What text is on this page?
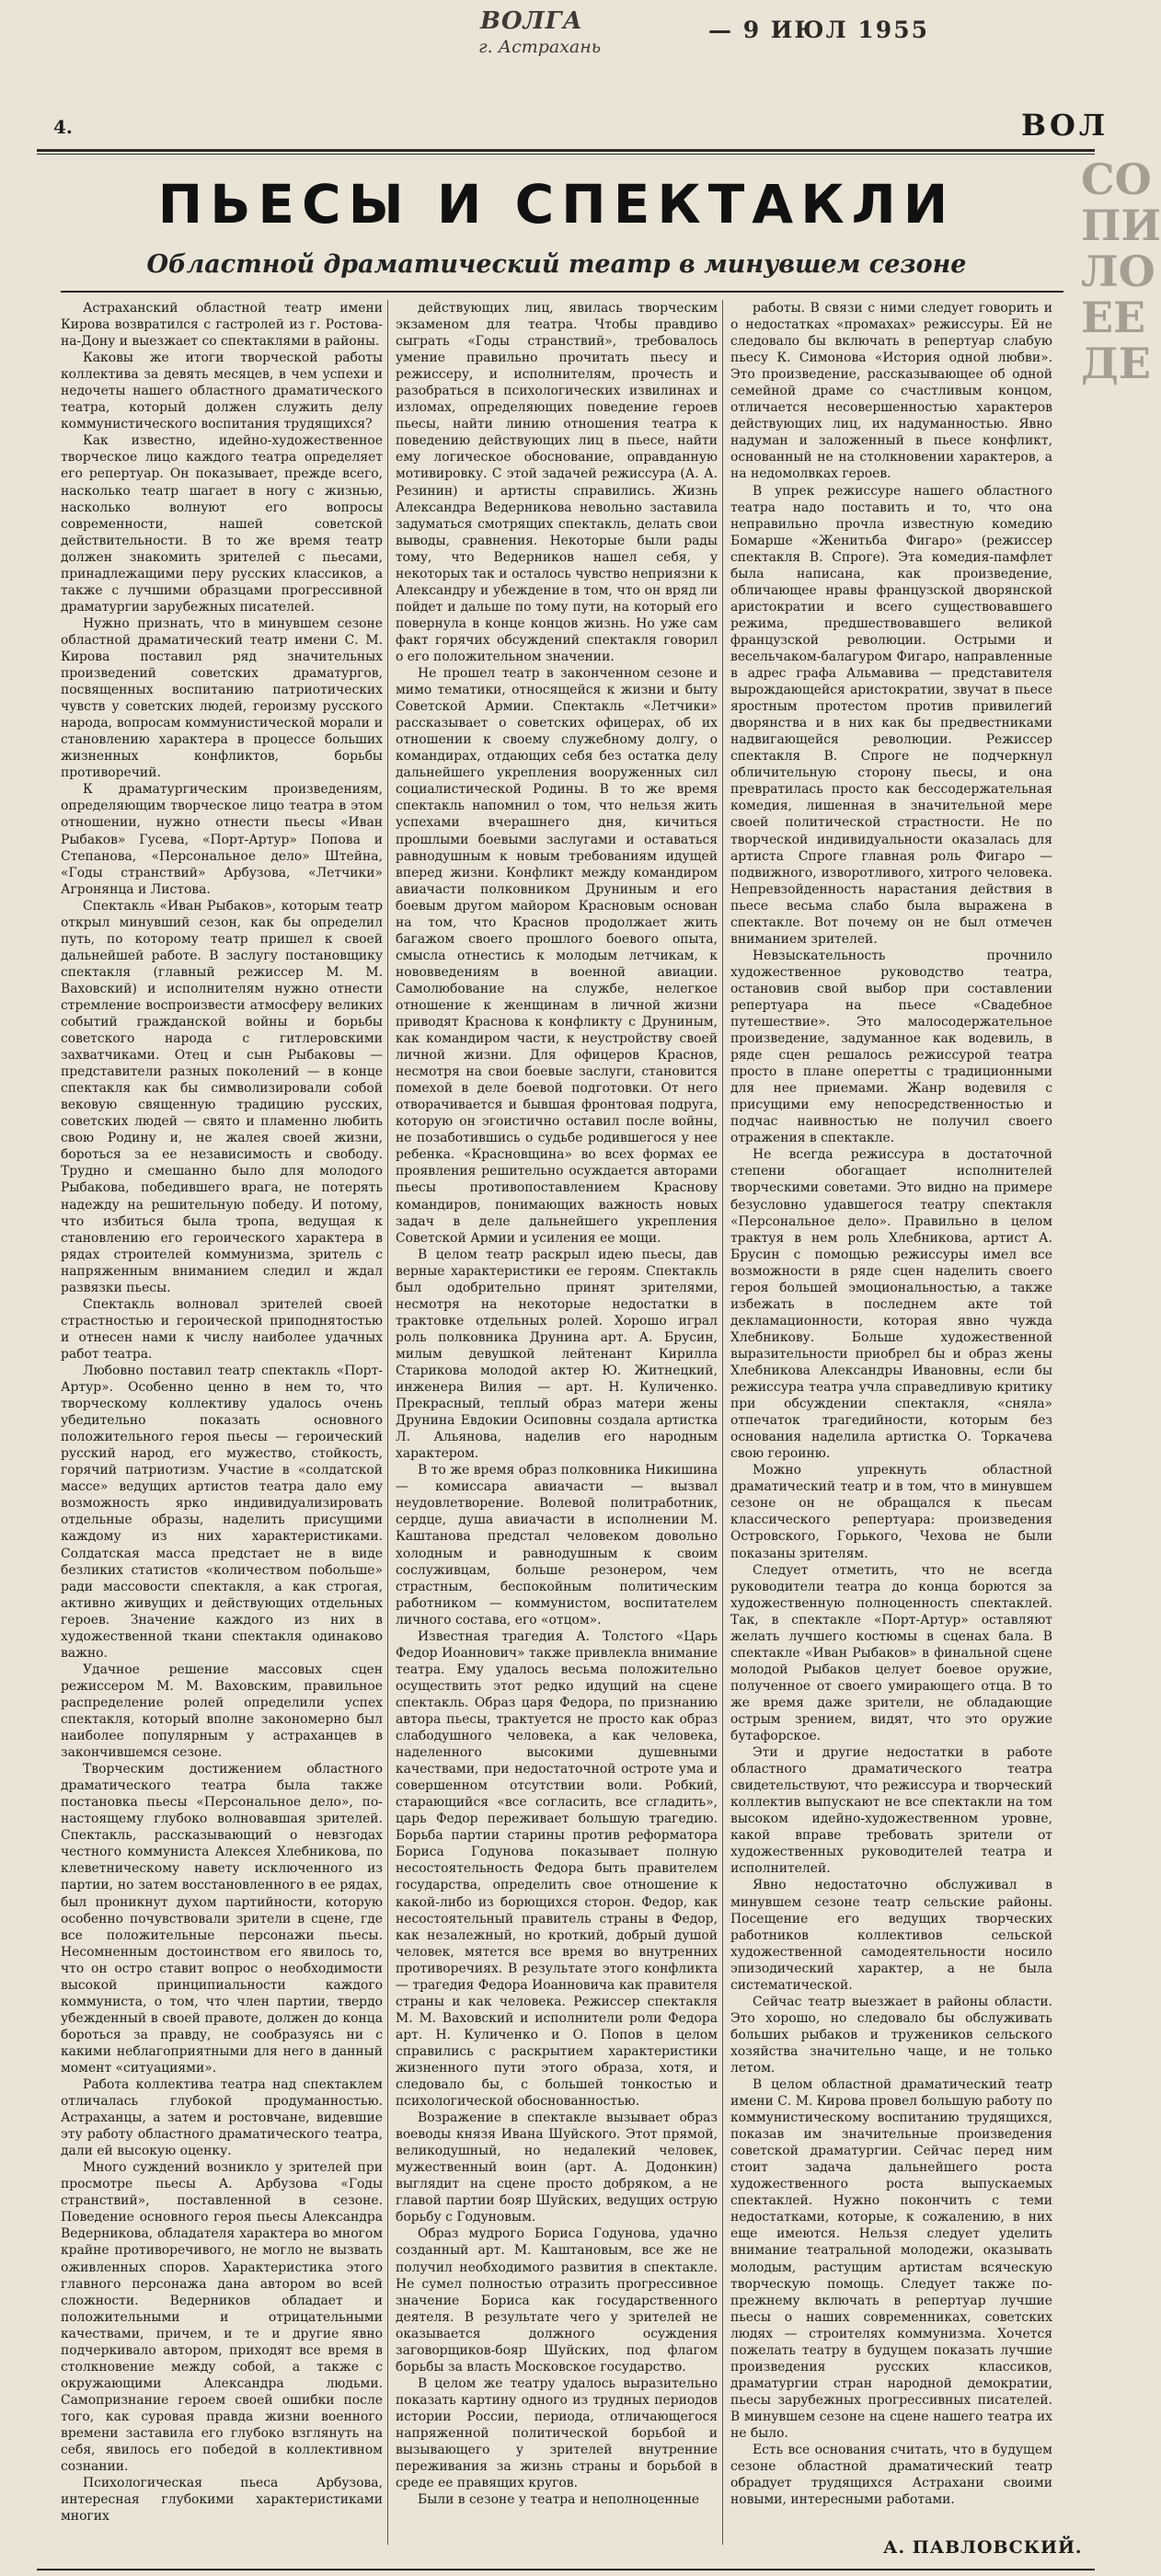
ВОЛГА
г. Астрахань
— 9 ИЮЛ 1955
4.	ВОЛ
СО
ПИ
ЛО
ЕЕ
ДЕ
ПЬЕСЫ И СПЕКТАКЛИ
Областной драматический театр в минувшем сезоне

Астраханский областной театр имени Кирова возвратился с гастролей из г. Ростова-на-Дону и выезжает со спектаклями в районы.

Каковы же итоги творческой работы коллектива за девять месяцев, в чем успехи и недочеты нашего областного драматического театра, который должен служить делу коммунистического воспитания трудящихся?

Как известно, идейно-художественное творческое лицо каждого театра определяет его репертуар. Он показывает, прежде всего, насколько театр шагает в ногу с жизнью, насколько волнуют его вопросы современности, нашей советской действительности. В то же время театр должен знакомить зрителей с пьесами, принадлежащими перу русских классиков, а также с лучшими образцами прогрессивной драматургии зарубежных писателей.

Нужно признать, что в минувшем сезоне областной драматический театр имени С. М. Кирова поставил ряд значительных произведений советских драматургов, посвященных воспитанию патриотических чувств у советских людей, героизму русского народа, вопросам коммунистической морали и становлению характера в процессе больших жизненных конфликтов, борьбы противоречий.

К драматургическим произведениям, определяющим творческое лицо театра в этом отношении, нужно отнести пьесы «Иван Рыбаков» Гусева, «Порт-Артур» Попова и Степанова, «Персональное дело» Штейна, «Годы странствий» Арбузова, «Летчики» Агронянца и Листова.

Спектакль «Иван Рыбаков», которым театр открыл минувший сезон, как бы определил путь, по которому театр пришел к своей дальнейшей работе. В заслугу постановщику спектакля (главный режиссер М. М. Ваховский) и исполнителям нужно отнести стремление воспроизвести атмосферу великих событий гражданской войны и борьбы советского народа с гитлеровскими захватчиками. Отец и сын Рыбаковы — представители разных поколений — в конце спектакля как бы символизировали собой вековую священную традицию русских, советских людей — свято и пламенно любить свою Родину и, не жалея своей жизни, бороться за ее независимость и свободу. Трудно и смешанно было для молодого Рыбакова, победившего врага, не потерять надежду на решительную победу. И потому, что избиться была тропа, ведущая к становлению его героического характера в рядах строителей коммунизма, зритель с напряженным вниманием следил и ждал развязки пьесы.

Спектакль волновал зрителей своей страстностью и героической приподнятостью и отнесен нами к числу наиболее удачных работ театра.

Любовно поставил театр спектакль «Порт-Артур». Особенно ценно в нем то, что творческому коллективу удалось очень убедительно показать основного положительного героя пьесы — героический русский народ, его мужество, стойкость, горячий патриотизм. Участие в «солдатской массе» ведущих артистов театра дало ему возможность ярко индивидуализировать отдельные образы, наделить присущими каждому из них характеристиками. Солдатская масса предстает не в виде безликих статистов «количеством побольше» ради массовости спектакля, а как строгая, активно живущих и действующих отдельных героев. Значение каждого из них в художественной ткани спектакля одинаково важно.

Удачное решение массовых сцен режиссером М. М. Ваховским, правильное распределение ролей определили успех спектакля, который вполне закономерно был наиболее популярным у астраханцев в закончившемся сезоне.

Творческим достижением областного драматического театра была также постановка пьесы «Персональное дело», по-настоящему глубоко волновавшая зрителей. Спектакль, рассказывающий о невзгодах честного коммуниста Алексея Хлебникова, по клеветническому навету исключенного из партии, но затем восстановленного в ее рядах, был проникнут духом партийности, которую особенно почувствовали зрители в сцене, где все положительные персонажи пьесы. Несомненным достоинством его явилось то, что он остро ставит вопрос о необходимости высокой принципиальности каждого коммуниста, о том, что член партии, твердо убежденный в своей правоте, должен до конца бороться за правду, не сообразуясь ни с какими неблагоприятными для него в данный момент «ситуациями».

Работа коллектива театра над спектаклем отличалась глубокой продуманностью. Астраханцы, а затем и ростовчане, видевшие эту работу областного драматического театра, дали ей высокую оценку.

Много суждений возникло у зрителей при просмотре пьесы А. Арбузова «Годы странствий», поставленной в сезоне. Поведение основного героя пьесы Александра Ведерникова, обладателя характера во многом крайне противоречивого, не могло не вызвать оживленных споров. Характеристика этого главного персонажа дана автором во всей сложности. Ведерников обладает и положительными и отрицательными качествами, причем, и те и другие явно подчеркивало автором, приходят все время в столкновение между собой, а также с окружающими Александра людьми. Самопризнание героем своей ошибки после того, как суровая правда жизни военного времени заставила его глубоко взглянуть на себя, явилось его победой в коллективном сознании.

Психологическая пьеса Арбузова, интересная глубокими характеристиками многих

действующих лиц, явилась творческим экзаменом для театра. Чтобы правдиво сыграть «Годы странствий», требовалось умение правильно прочитать пьесу и режиссеру, и исполнителям, прочесть и разобраться в психологических извилинах и изломах, определяющих поведение героев пьесы, найти линию отношения театра к поведению действующих лиц в пьесе, найти ему логическое обоснование, оправданную мотивировку. С этой задачей режиссура (А. А. Резинин) и артисты справились. Жизнь Александра Ведерникова невольно заставила задуматься смотрящих спектакль, делать свои выводы, сравнения. Некоторые были рады тому, что Ведерников нашел себя, у некоторых так и осталось чувство неприязни к Александру и убеждение в том, что он вряд ли пойдет и дальше по тому пути, на который его повернула в конце концов жизнь. Но уже сам факт горячих обсуждений спектакля говорил о его положительном значении.

Не прошел театр в законченном сезоне и мимо тематики, относящейся к жизни и быту Советской Армии. Спектакль «Летчики» рассказывает о советских офицерах, об их отношении к своему служебному долгу, о командирах, отдающих себя без остатка делу дальнейшего укрепления вооруженных сил социалистической Родины. В то же время спектакль напомнил о том, что нельзя жить успехами вчерашнего дня, кичиться прошлыми боевыми заслугами и оставаться равнодушным к новым требованиям идущей вперед жизни. Конфликт между командиром авиачасти полковником Друниным и его боевым другом майором Красновым основан на том, что Краснов продолжает жить багажом своего прошлого боевого опыта, смысла отнестись к молодым летчикам, к нововведениям в военной авиации. Самолюбование на службе, нелегкое отношение к женщинам в личной жизни приводят Краснова к конфликту с Друниным, как командиром части, к неустройству своей личной жизни. Для офицеров Краснов, несмотря на свои боевые заслуги, становится помехой в деле боевой подготовки. От него отворачивается и бывшая фронтовая подруга, которую он эгоистично оставил после войны, не позаботившись о судьбе родившегося у нее ребенка. «Красновщина» во всех формах ее проявления решительно осуждается авторами пьесы противопоставлением Краснову командиров, понимающих важность новых задач в деле дальнейшего укрепления Советской Армии и усиления ее мощи.

В целом театр раскрыл идею пьесы, дав верные характеристики ее героям. Спектакль был одобрительно принят зрителями, несмотря на некоторые недостатки в трактовке отдельных ролей. Хорошо играл роль полковника Друнина арт. А. Брусин, милым девушкой лейтенант Кирилла Старикова молодой актер Ю. Житнецкий, инженера Вилия — арт. Н. Куличенко. Прекрасный, теплый образ матери жены Друнина Евдокии Осиповны создала артистка Л. Альянова, наделив его народным характером.

В то же время образ полковника Никишина — комиссара авиачасти — вызвал неудовлетворение. Волевой политработник, сердце, душа авиачасти в исполнении М. Каштанова предстал человеком довольно холодным и равнодушным к своим сослуживцам, больше резонером, чем страстным, беспокойным политическим работником — коммунистом, воспитателем личного состава, его «отцом».

Известная трагедия А. Толстого «Царь Федор Иоаннович» также привлекла внимание театра. Ему удалось весьма положительно осуществить этот редко идущий на сцене спектакль. Образ царя Федора, по признанию автора пьесы, трактуется не просто как образ слабодушного человека, а как человека, наделенного высокими душевными качествами, при недостаточной остроте ума и совершенном отсутствии воли. Робкий, старающийся «все согласить, все сгладить», царь Федор переживает большую трагедию. Борьба партии старины против реформатора Бориса Годунова показывает полную несостоятельность Федора быть правителем государства, определить свое отношение к какой-либо из борющихся сторон. Федор, как несостоятельный правитель страны в Федор, как незалежный, но кроткий, добрый душой человек, мятется все время во внутренних противоречиях. В результате этого конфликта — трагедия Федора Иоанновича как правителя страны и как человека. Режиссер спектакля М. М. Ваховский и исполнители роли Федора арт. Н. Куличенко и О. Попов в целом справились с раскрытием характеристики жизненного пути этого образа, хотя, и следовало бы, с большей тонкостью и психологической обоснованностью.

Возражение в спектакле вызывает образ воеводы князя Ивана Шуйского. Этот прямой, великодушный, но недалекий человек, мужественный воин (арт. А. Додонкин) выглядит на сцене просто добряком, а не главой партии бояр Шуйских, ведущих острую борьбу с Годуновым.

Образ мудрого Бориса Годунова, удачно созданный арт. М. Каштановым, все же не получил необходимого развития в спектакле. Не сумел полностью отразить прогрессивное значение Бориса как государственного деятеля. В результате чего у зрителей не оказывается должного осуждения заговорщиков-бояр Шуйских, под флагом борьбы за власть Московское государство.

В целом же театру удалось выразительно показать картину одного из трудных периодов истории России, периода, отличающегося напряженной политической борьбой и вызывающего у зрителей внутренние переживания за жизнь страны и борьбой в среде ее правящих кругов.

Были в сезоне у театра и неполноценные

работы. В связи с ними следует говорить и о недостатках «промахах» режиссуры. Ей не следовало бы включать в репертуар слабую пьесу К. Симонова «История одной любви». Это произведение, рассказывающее об одной семейной драме со счастливым концом, отличается несовершенностью характеров действующих лиц, их надуманностью. Явно надуман и заложенный в пьесе конфликт, основанный не на столкновении характеров, а на недомолвках героев.

В упрек режиссуре нашего областного театра надо поставить и то, что она неправильно прочла известную комедию Бомарше «Женитьба Фигаро» (режиссер спектакля В. Спроге). Эта комедия-памфлет была написана, как произведение, обличающее нравы французской дворянской аристократии и всего существовавшего режима, предшествовавшего великой французской революции. Острыми и весельчаком-балагуром Фигаро, направленные в адрес графа Альмавива — представителя вырождающейся аристократии, звучат в пьесе яростным протестом против привилегий дворянства и в них как бы предвестниками надвигающейся революции. Режиссер спектакля В. Спроге не подчеркнул обличительную сторону пьесы, и она превратилась просто как бессодержательная комедия, лишенная в значительной мере своей политической страстности. Не по творческой индивидуальности оказалась для артиста Спроге главная роль Фигаро — подвижного, изворотливого, хитрого человека. Непревзойденность нарастания действия в пьесе весьма слабо была выражена в спектакле. Вот почему он не был отмечен вниманием зрителей.

Невзыскательность прочнило художественное руководство театра, остановив свой выбор при составлении репертуара на пьесе «Свадебное путешествие». Это малосодержательное произведение, задуманное как водевиль, в ряде сцен решалось режиссурой театра просто в плане оперетты с традиционными для нее приемами. Жанр водевиля с присущими ему непосредственностью и подчас наивностью не получил своего отражения в спектакле.

Не всегда режиссура в достаточной степени обогащает исполнителей творческими советами. Это видно на примере безусловно удавшегося театру спектакля «Персональное дело». Правильно в целом трактуя в нем роль Хлебникова, артист А. Брусин с помощью режиссуры имел все возможности в ряде сцен наделить своего героя большей эмоциональностью, а также избежать в последнем акте той декламационности, которая явно чужда Хлебникову. Больше художественной выразительности приобрел бы и образ жены Хлебникова Александры Ивановны, если бы режиссура театра учла справедливую критику при обсуждении спектакля, «сняла» отпечаток трагедийности, которым без основания наделила артистка О. Торкачева свою героиню.

Можно упрекнуть областной драматический театр и в том, что в минувшем сезоне он не обращался к пьесам классического репертуара: произведения Островского, Горького, Чехова не были показаны зрителям.

Следует отметить, что не всегда руководители театра до конца борются за художественную полноценность спектаклей. Так, в спектакле «Порт-Артур» оставляют желать лучшего костюмы в сценах бала. В спектакле «Иван Рыбаков» в финальной сцене молодой Рыбаков целует боевое оружие, полученное от своего умирающего отца. В то же время даже зрители, не обладающие острым зрением, видят, что это оружие бутафорское.

Эти и другие недостатки в работе областного драматического театра свидетельствуют, что режиссура и творческий коллектив выпускают не все спектакли на том высоком идейно-художественном уровне, какой вправе требовать зрители от художественных руководителей театра и исполнителей.

Явно недостаточно обслуживал в минувшем сезоне театр сельские районы. Посещение его ведущих творческих работников коллективов сельской художественной самодеятельности носило эпизодический характер, а не была систематической.

Сейчас театр выезжает в районы области. Это хорошо, но следовало бы обслуживать больших рыбаков и тружеников сельского хозяйства значительно чаще, и не только летом.

В целом областной драматический театр имени С. М. Кирова провел большую работу по коммунистическому воспитанию трудящихся, показав им значительные произведения советской драматургии. Сейчас перед ним стоит задача дальнейшего роста художественного роста выпускаемых спектаклей. Нужно покончить с теми недостатками, которые, к сожалению, в них еще имеются. Нельзя следует уделить внимание театральной молодежи, оказывать молодым, растущим артистам всяческую творческую помощь. Следует также по-прежнему включать в репертуар лучшие пьесы о наших современниках, советских людях — строителях коммунизма. Хочется пожелать театру в будущем показать лучшие произведения русских классиков, драматургии стран народной демократии, пьесы зарубежных прогрессивных писателей. В минувшем сезоне на сцене нашего театра их не было.

Есть все основания считать, что в будущем сезоне областной драматический театр обрадует трудящихся Астрахани своими новыми, интересными работами.

А. ПАВЛОВСКИЙ.
